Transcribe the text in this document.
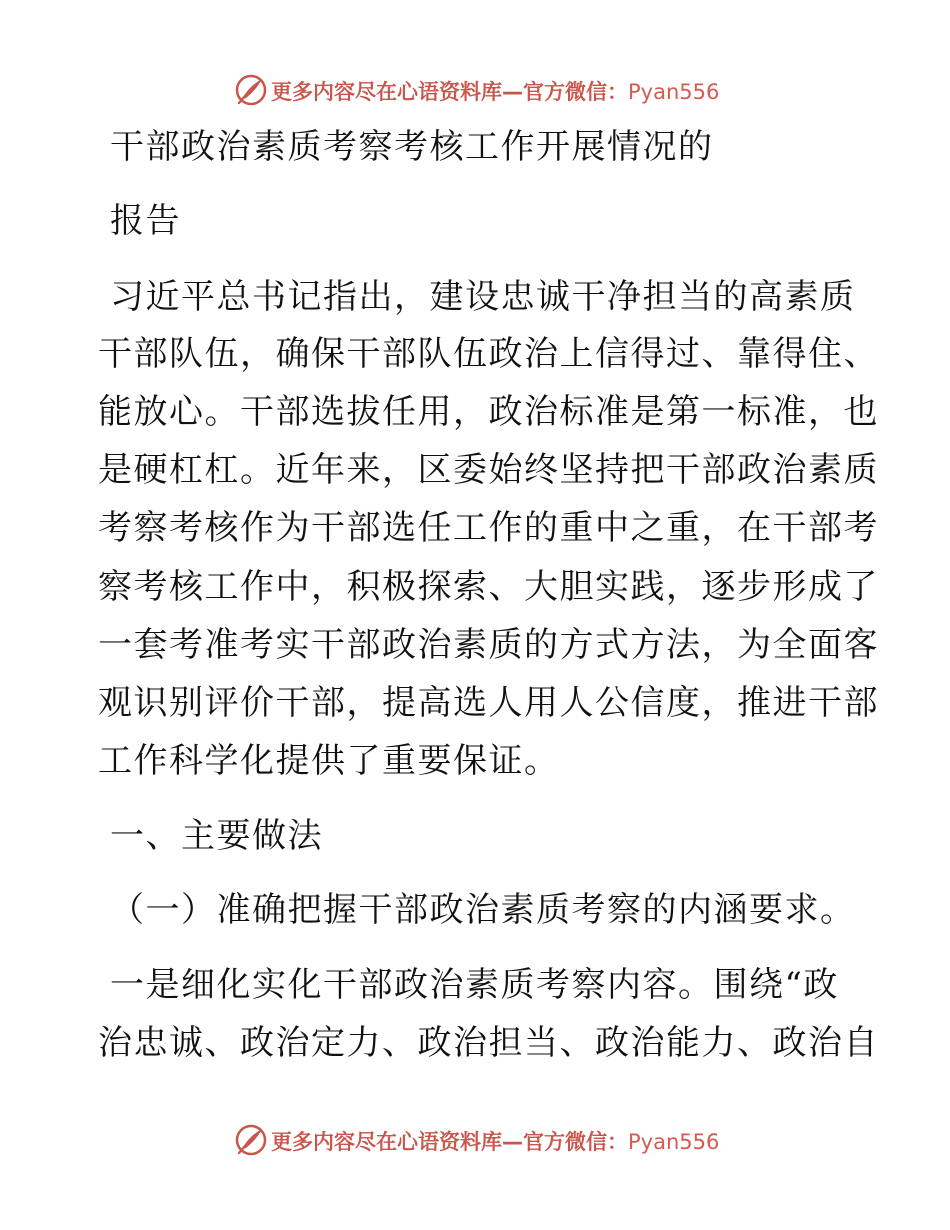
更多内容尽在心语资料库—官方微信：Pyan556
干部政治素质考察考核工作开展情况的
报告
习近平总书记指出，建设忠诚干净担当的高素质
干部队伍，确保干部队伍政治上信得过、靠得住、
能放心。干部选拔任用，政治标准是第一标准，也
是硬杠杠。近年来，区委始终坚持把干部政治素质
考察考核作为干部选任工作的重中之重，在干部考
察考核工作中，积极探索、大胆实践，逐步形成了
一套考准考实干部政治素质的方式方法，为全面客
观识别评价干部，提高选人用人公信度，推进干部
工作科学化提供了重要保证。
一、主要做法
（一）准确把握干部政治素质考察的内涵要求。
一是细化实化干部政治素质考察内容。围绕“政
治忠诚、政治定力、政治担当、政治能力、政治自
更多内容尽在心语资料库—官方微信：Pyan556
